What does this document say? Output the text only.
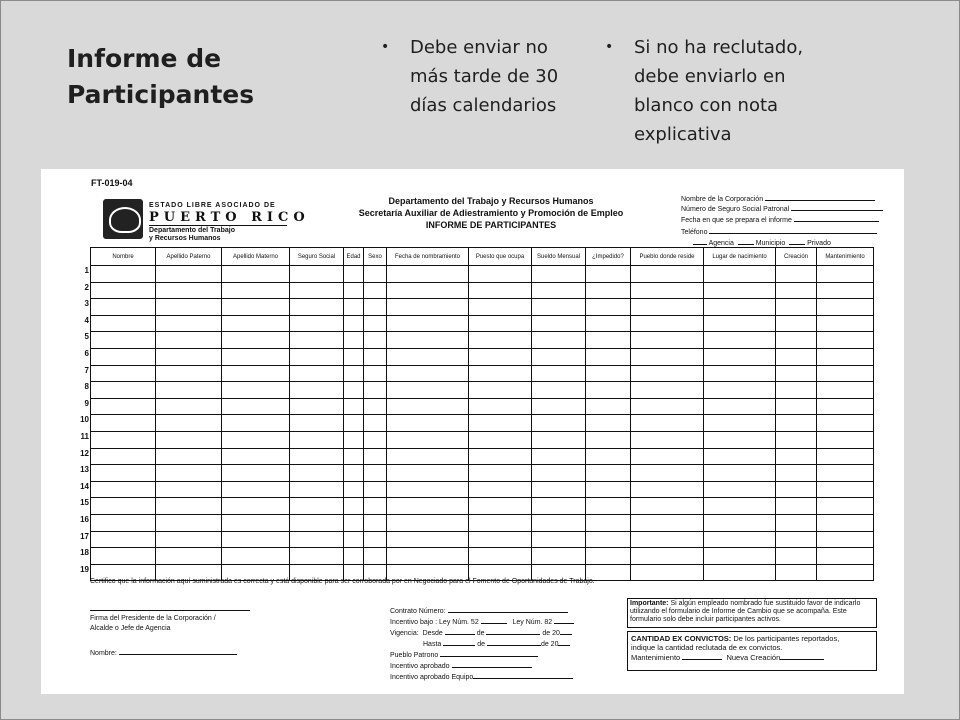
Informe de
Participantes
• Debe enviar no más tarde de 30 días calendarios
• Si no ha reclutado, debe enviarlo en blanco con nota explicativa
FT-019-04
ESTADO LIBRE ASOCIADO DE
PUERTO RICO
Departamento del Trabajo
y Recursos Humanos
Departamento del Trabajo y Recursos Humanos
Secretaría Auxiliar de Adiestramiento y Promoción de Empleo
INFORME DE PARTICIPANTES
Nombre de la Corporación
Número de Seguro Social Patronal
Fecha en que se prepara el informe
Teléfono
Agencia	Municipio	Privado
Nombre	Apellido Paterno	Apellido Materno	Seguro Social	Edad	Sexo	Fecha de nombramiento	Puesto que ocupa	Sueldo Mensual	¿Impedido?	Pueblo donde reside	Lugar de nacimiento	Creación	Mantenimiento

1
2
3
4
5
6
7
8
9
10
11
12
13
14
15
16
17
18
19
Certifico que la información aquí suministrada es correcta y está disponible para ser corroborada por en Negociado para el Fomento de Oportunidades de Trabajo.
Firma del Presidente de la Corporación /
Alcalde o Jefe de Agencia
Nombre:
Contrato Número:
Incentivo bajo : Ley Núm. 52	Ley Núm. 82
Vigencia: Desde	de	de 20
Hasta	de	de 20
Pueblo Patrono
Incentivo aprobado
Incentivo aprobado Equipo
Importante: Si algún empleado nombrado fue sustituido favor de indicarlo utilizando el formulario de Informe de Cambio que se acompaña. Este formulario solo debe incluir participantes activos.
CANTIDAD EX CONVICTOS: De los participantes reportados,
indique la cantidad reclutada de ex convictos.
Mantenimiento	Nueva Creación
